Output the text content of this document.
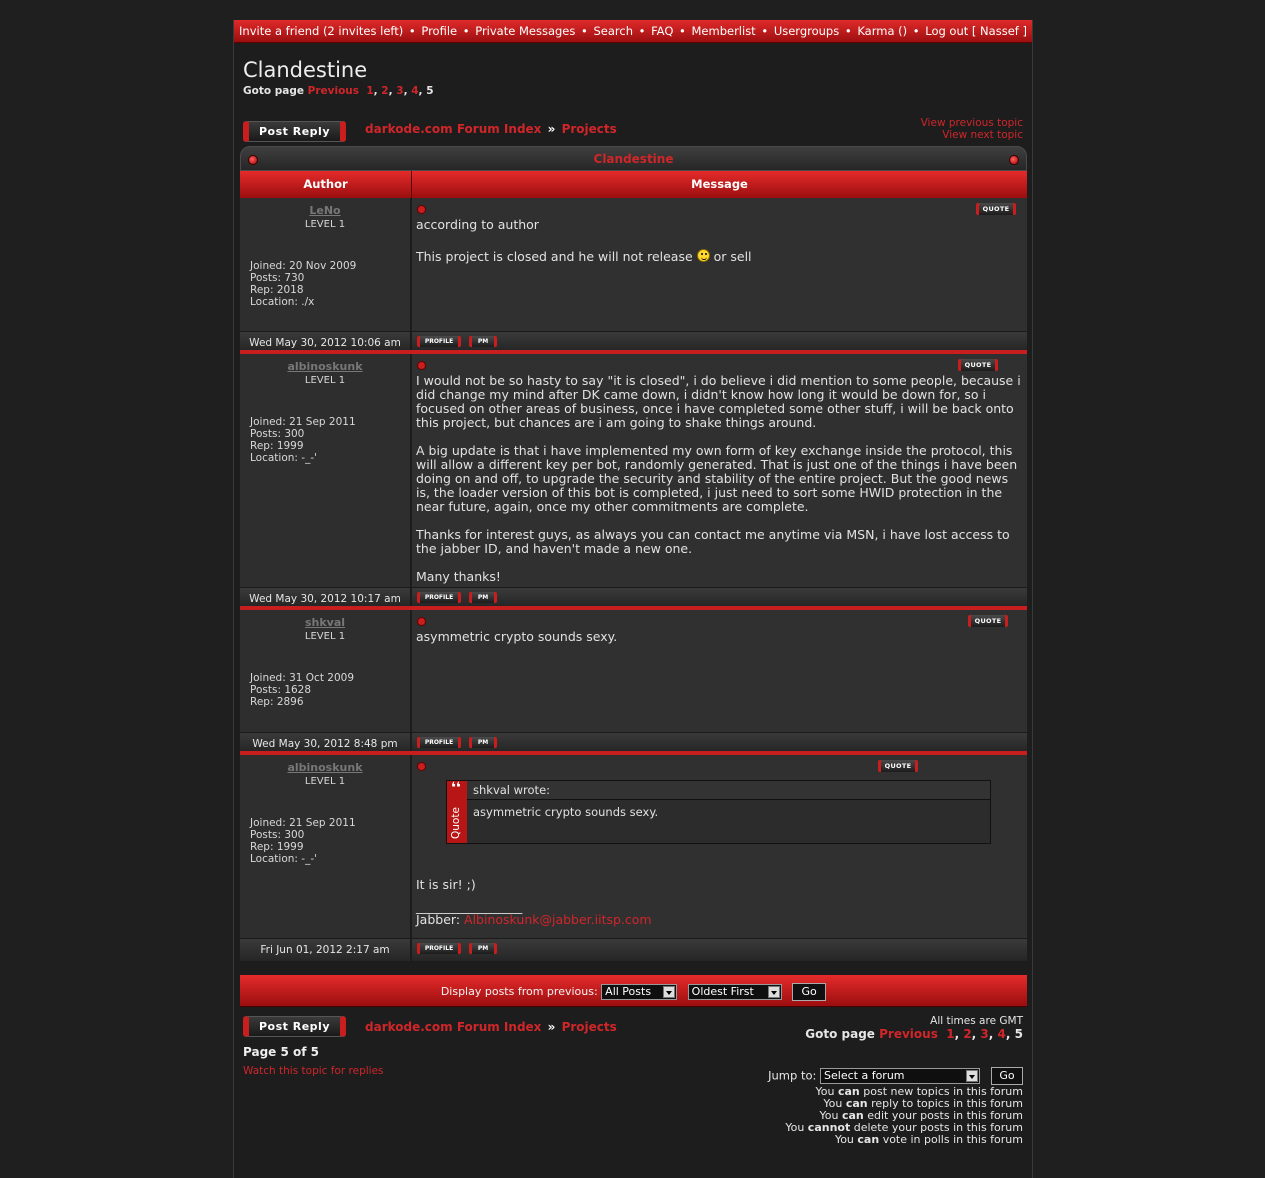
Invite a friend (2 invites left) • Profile • Private Messages • Search • FAQ • Memberlist • Usergroups • Karma () • Log out [ Nassef ]
Clandestine
Goto page Previous 1, 2, 3, 4, 5
Post Reply	darkode.com Forum Index » Projects	View previous topic
View next topic
Clandestine
Author	Message
LeNo
LEVEL 1
Joined: 20 Nov 2009
Posts: 730
Rep: 2018
Location: ./x
QUOTE
according to author
This project is closed and he will not release or sell
Wed May 30, 2012 10:06 am	PROFILE	PM
albinoskunk
LEVEL 1
Joined: 21 Sep 2011
Posts: 300
Rep: 1999
Location: -_-'
QUOTE
I would not be so hasty to say "it is closed", i do believe i did mention to some people, because i did change my mind after DK came down, i didn't know how long it would be down for, so i focused on other areas of business, once i have completed some other stuff, i will be back onto this project, but chances are i am going to shake things around.
A big update is that i have implemented my own form of key exchange inside the protocol, this will allow a different key per bot, randomly generated. That is just one of the things i have been doing on and off, to upgrade the security and stability of the entire project. But the good news is, the loader version of this bot is completed, i just need to sort some HWID protection in the near future, again, once my other commitments are complete.
Thanks for interest guys, as always you can contact me anytime via MSN, i have lost access to the jabber ID, and haven't made a new one.
Many thanks!
Wed May 30, 2012 10:17 am	PROFILE	PM
shkval
LEVEL 1
Joined: 31 Oct 2009
Posts: 1628
Rep: 2896
QUOTE
asymmetric crypto sounds sexy.
Wed May 30, 2012 8:48 pm	PROFILE	PM
albinoskunk
LEVEL 1
Joined: 21 Sep 2011
Posts: 300
Rep: 1999
Location: -_-'
QUOTE
❛❛
Quote
shkval wrote:
asymmetric crypto sounds sexy.
It is sir! ;)
_________________
Jabber: Albinoskunk@jabber.iitsp.com
Fri Jun 01, 2012 2:17 am	PROFILE	PM
Display posts from previous: All Posts	Oldest First	Go
Post Reply	darkode.com Forum Index » Projects	All times are GMT
Goto page Previous 1, 2, 3, 4, 5
Page 5 of 5
Watch this topic for replies	Jump to: Select a forum	Go
You can post new topics in this forum
You can reply to topics in this forum
You can edit your posts in this forum
You cannot delete your posts in this forum
You can vote in polls in this forum
